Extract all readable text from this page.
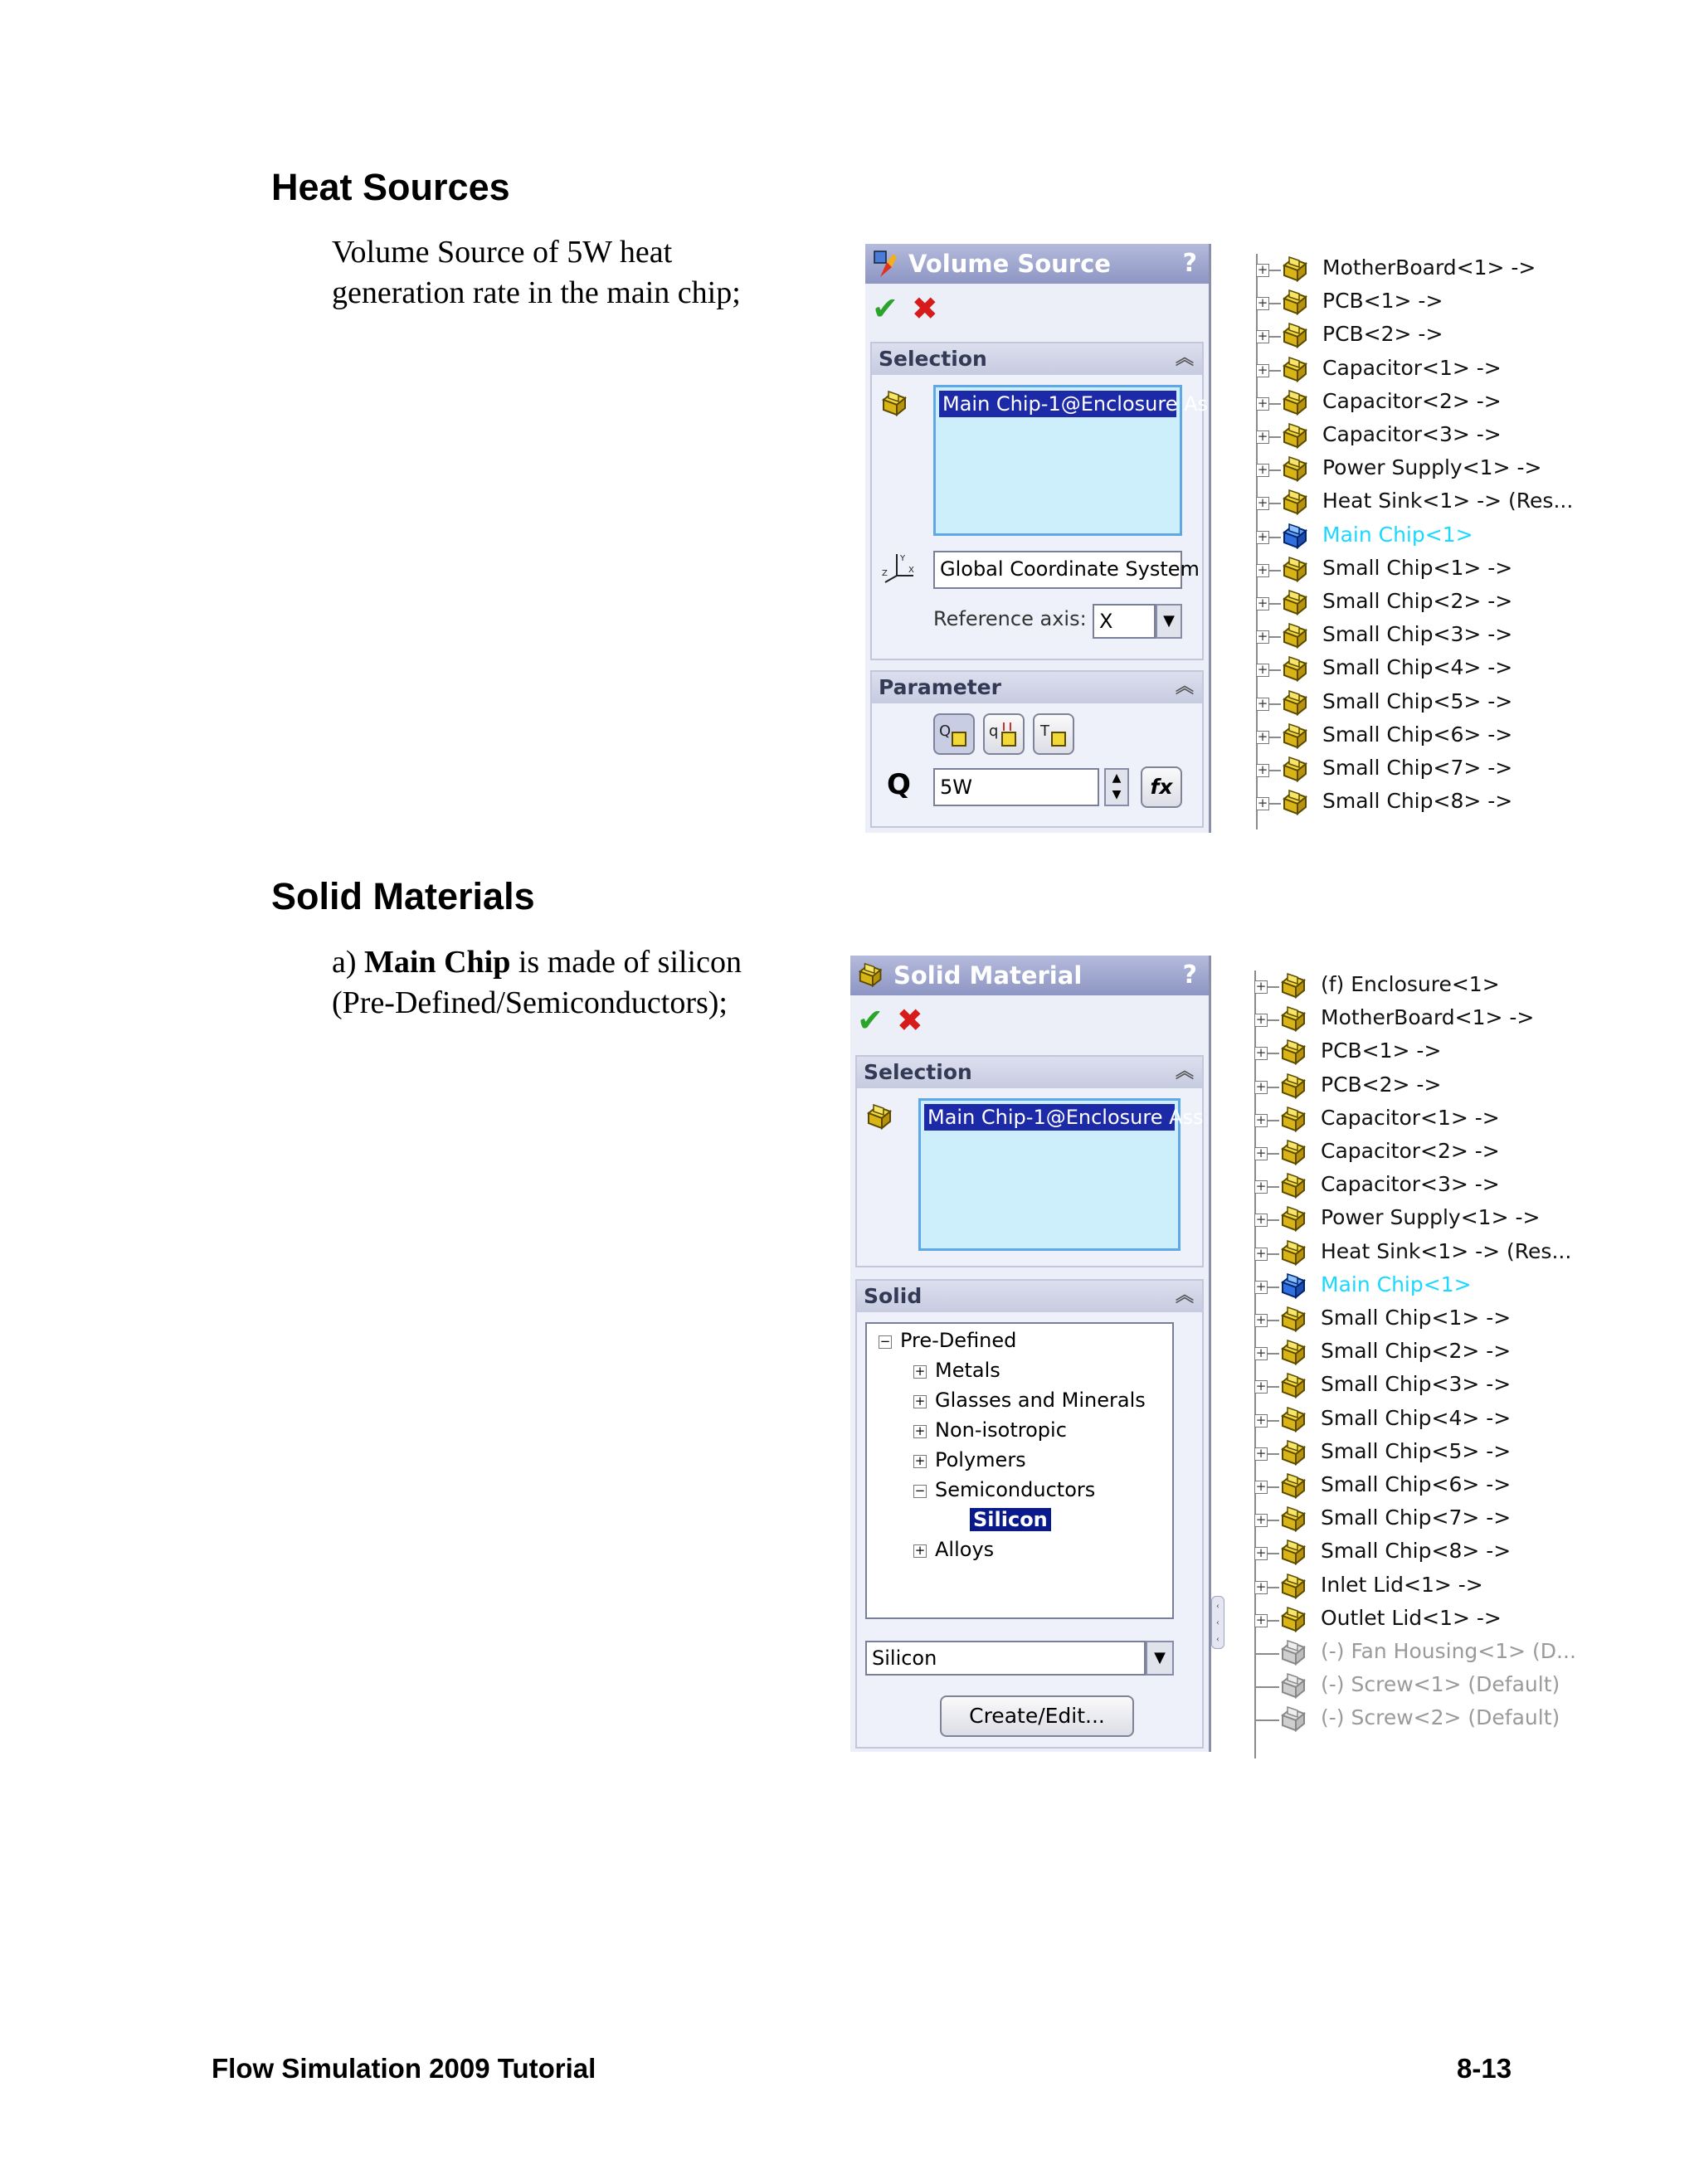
Heat Sources
Volume Source of 5W heat
generation rate in the main chip;
Volume Source	?
✔ ✖
Selection	︽
Main Chip-1@Enclosure As
Y
X
Z	Global Coordinate System
Reference axis: X	▼
Parameter	︽
Q	q	T
Q	5W	▲
▼	fx
+	MotherBoard<1> ->
+	PCB<1> ->
+	PCB<2> ->
+	Capacitor<1> ->
+	Capacitor<2> ->
+	Capacitor<3> ->
+	Power Supply<1> ->
+	Heat Sink<1> -> (Res...
+	Main Chip<1>
+	Small Chip<1> ->
+	Small Chip<2> ->
+	Small Chip<3> ->
+	Small Chip<4> ->
+	Small Chip<5> ->
+	Small Chip<6> ->
+	Small Chip<7> ->
+	Small Chip<8> ->
Solid Materials
a) Main Chip is made of silicon
(Pre-Defined/Semiconductors);
Solid Material	?
✔ ✖
Selection	︽
Main Chip-1@Enclosure Ass
Solid	︽
− Pre-Defined
+ Metals
+ Glasses and Minerals
+ Non-isotropic
+ Polymers
− Semiconductors
Silicon
+ Alloys
Silicon	▼
Create/Edit...
‹
‹
‹
+	(f) Enclosure<1>
+	MotherBoard<1> ->
+	PCB<1> ->
+	PCB<2> ->
+	Capacitor<1> ->
+	Capacitor<2> ->
+	Capacitor<3> ->
+	Power Supply<1> ->
+	Heat Sink<1> -> (Res...
+	Main Chip<1>
+	Small Chip<1> ->
+	Small Chip<2> ->
+	Small Chip<3> ->
+	Small Chip<4> ->
+	Small Chip<5> ->
+	Small Chip<6> ->
+	Small Chip<7> ->
+	Small Chip<8> ->
+	Inlet Lid<1> ->
+	Outlet Lid<1> ->
(-) Fan Housing<1> (D...
(-) Screw<1> (Default)
(-) Screw<2> (Default)
Flow Simulation 2009 Tutorial	8-13
